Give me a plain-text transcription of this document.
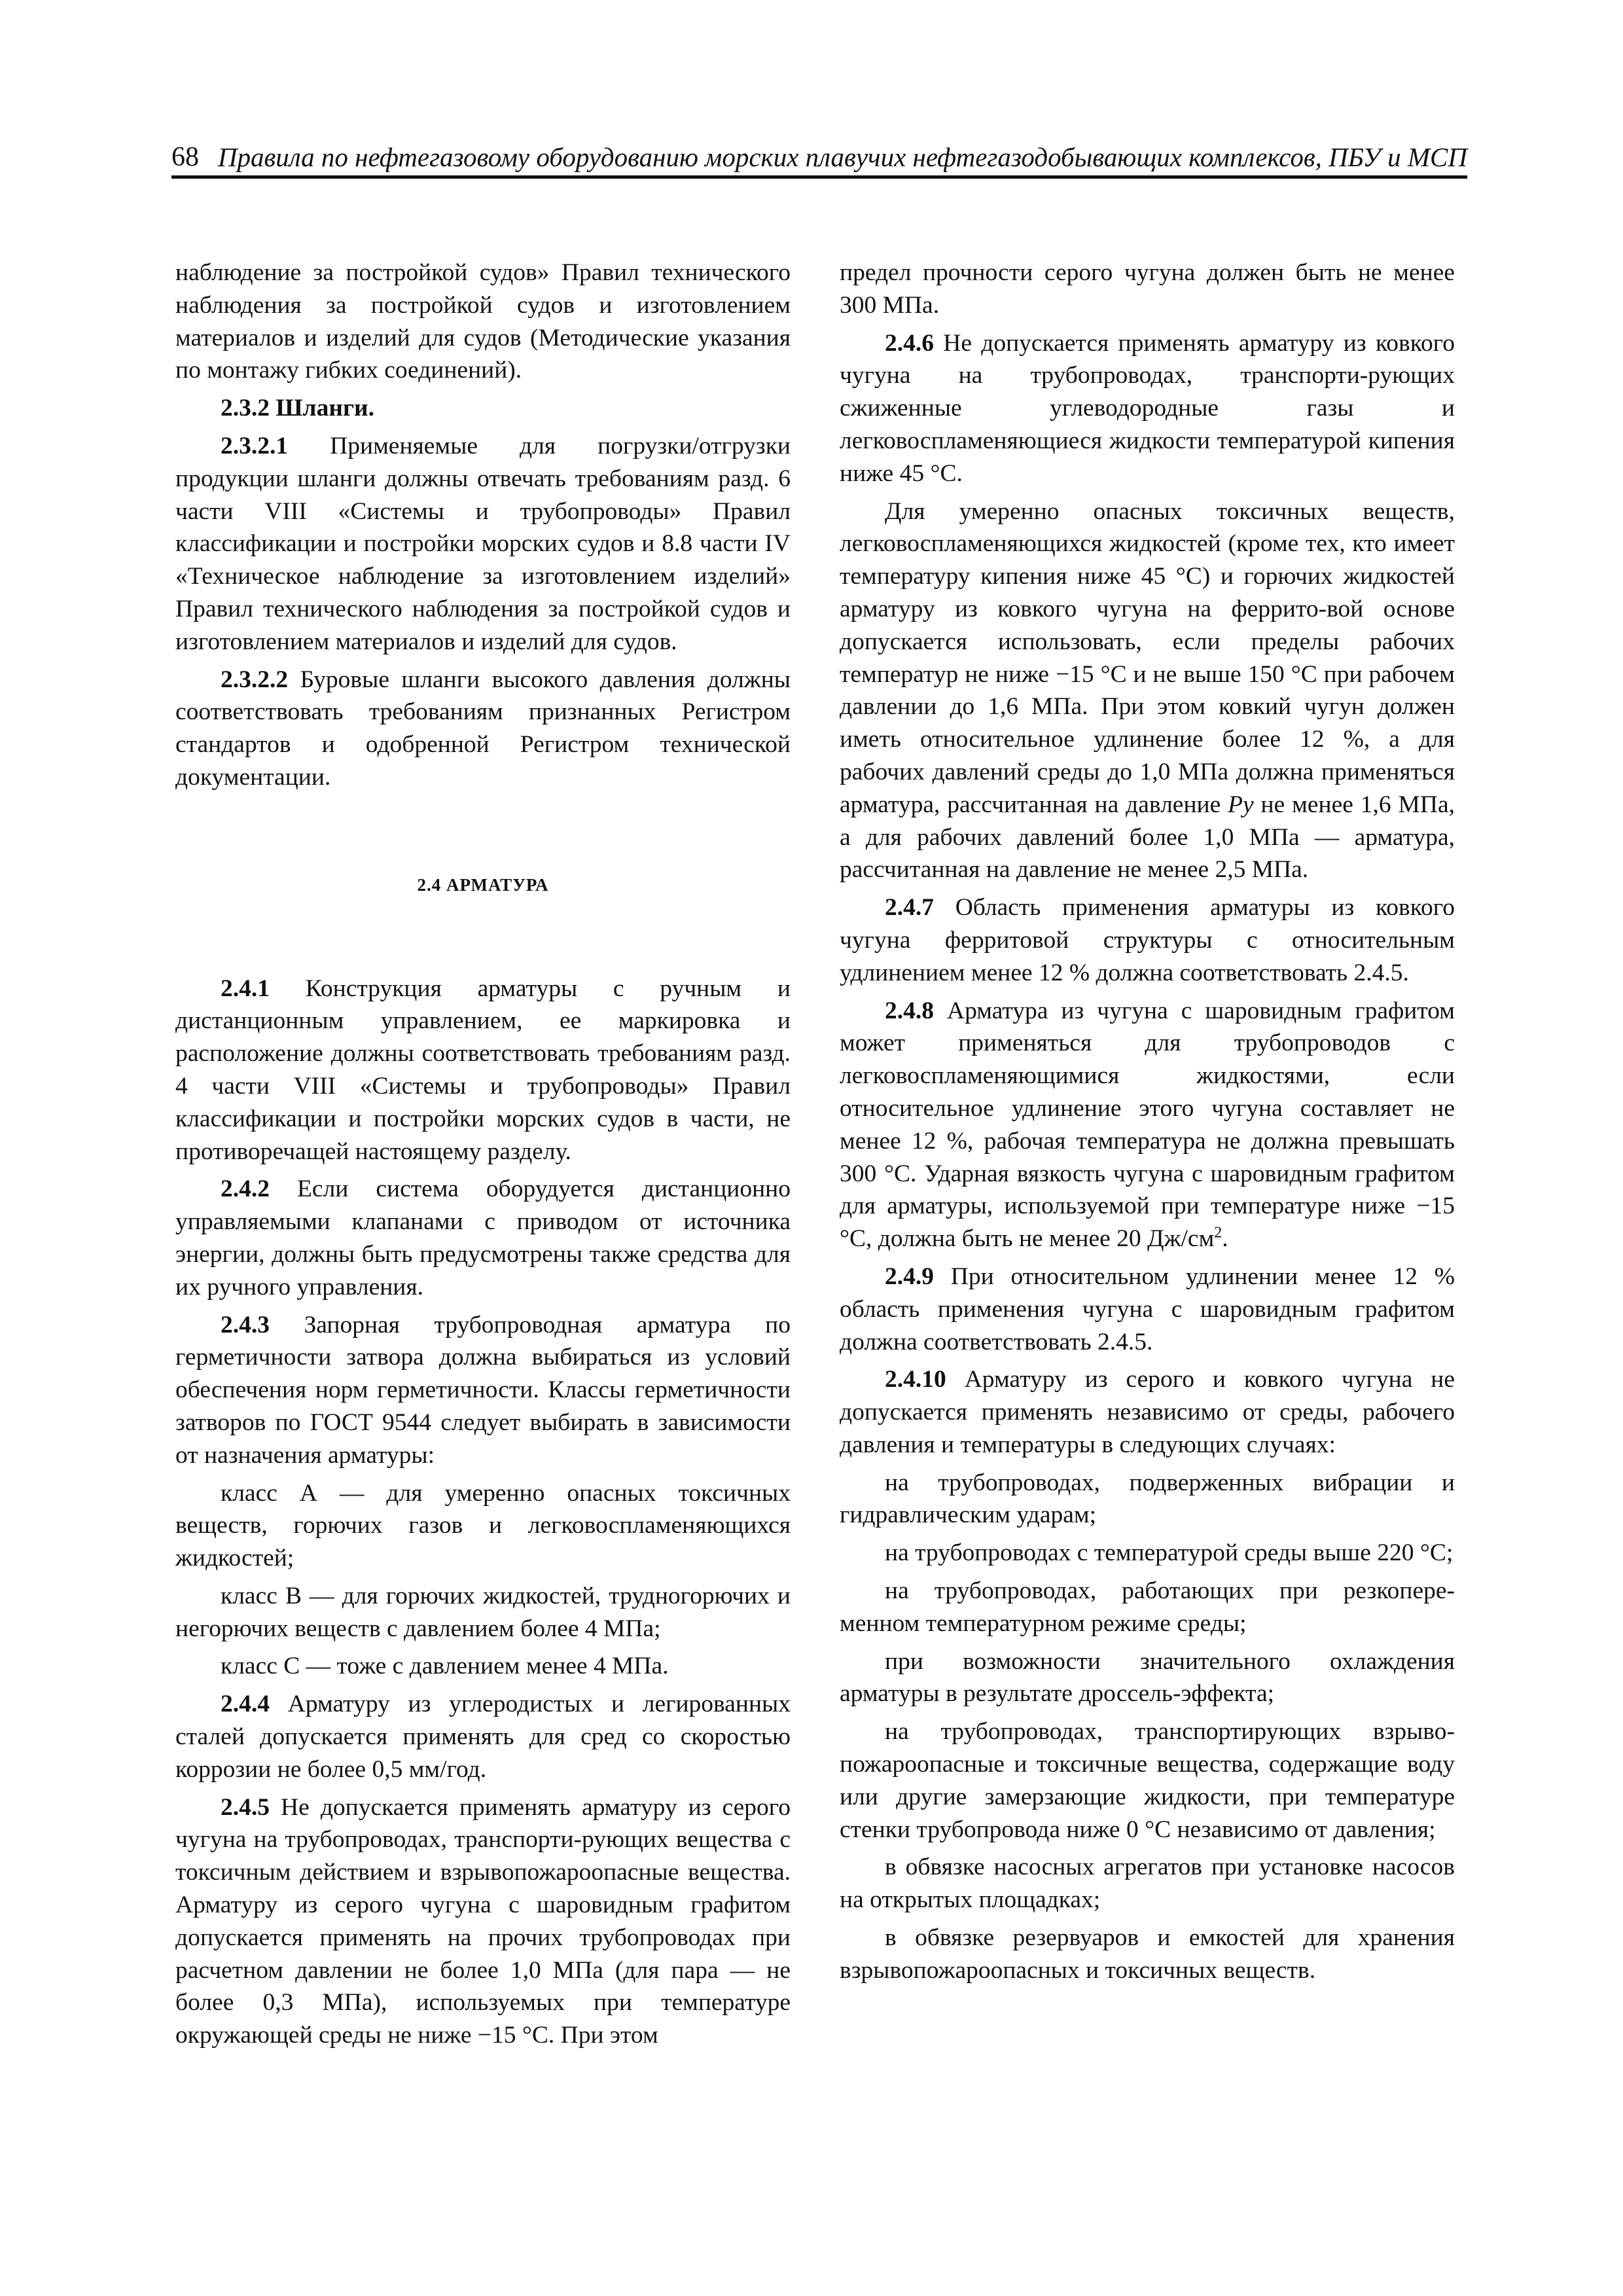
68 Правила по нефтегазовому оборудованию морских плавучих нефтегазодобывающих комплексов, ПБУ и МСП

наблюдение за постройкой судов» Правил технического наблюдения за постройкой судов и изготовлением материалов и изделий для судов (Методические указания по монтажу гибких соединений).

2.3.2 Шланги.

2.3.2.1 Применяемые для погрузки/отгрузки продукции шланги должны отвечать требованиям разд. 6 части VIII «Системы и трубопроводы» Правил классификации и постройки морских судов и 8.8 части IV «Техническое наблюдение за изготовлением изделий» Правил технического наблюдения за постройкой судов и изготовлением материалов и изделий для судов.

2.3.2.2 Буровые шланги высокого давления должны соответствовать требованиям признанных Регистром стандартов и одобренной Регистром технической документации.

2.4 АРМАТУРА

2.4.1 Конструкция арматуры с ручным и дистанционным управлением, ее маркировка и расположение должны соответствовать требованиям разд. 4 части VIII «Системы и трубопроводы» Правил классификации и постройки морских судов в части, не противоречащей настоящему разделу.

2.4.2 Если система оборудуется дистанционно управляемыми клапанами с приводом от источника энергии, должны быть предусмотрены также средства для их ручного управления.

2.4.3 Запорная трубопроводная арматура по герметичности затвора должна выбираться из условий обеспечения норм герметичности. Классы герметичности затворов по ГОСТ 9544 следует выбирать в зависимости от назначения арматуры:

класс А — для умеренно опасных токсичных веществ, горючих газов и легковоспламеняющихся жидкостей;

класс В — для горючих жидкостей, трудногорючих и негорючих веществ с давлением более 4 МПа;

класс С — тоже с давлением менее 4 МПа.

2.4.4 Арматуру из углеродистых и легированных сталей допускается применять для сред со скоростью коррозии не более 0,5 мм/год.

2.4.5 Не допускается применять арматуру из серого чугуна на трубопроводах, транспорти-рующих вещества с токсичным действием и взрывопожароопасные вещества. Арматуру из серого чугуна с шаровидным графитом допускается применять на прочих трубопроводах при расчетном давлении не более 1,0 МПа (для пара — не более 0,3 МПа), используемых при температуре окружающей среды не ниже −15 °С. При этом

предел прочности серого чугуна должен быть не менее 300 МПа.

2.4.6 Не допускается применять арматуру из ковкого чугуна на трубопроводах, транспорти-рующих сжиженные углеводородные газы и легковоспламеняющиеся жидкости температурой кипения ниже 45 °С.

Для умеренно опасных токсичных веществ, легковоспламеняющихся жидкостей (кроме тех, кто имеет температуру кипения ниже 45 °С) и горючих жидкостей арматуру из ковкого чугуна на феррито-вой основе допускается использовать, если пределы рабочих температур не ниже −15 °С и не выше 150 °С при рабочем давлении до 1,6 МПа. При этом ковкий чугун должен иметь относительное удлинение более 12 %, а для рабочих давлений среды до 1,0 МПа должна применяться арматура, рассчитанная на давление Pу не менее 1,6 МПа, а для рабочих давлений более 1,0 МПа — арматура, рассчитанная на давление не менее 2,5 МПа.

2.4.7 Область применения арматуры из ковкого чугуна ферритовой структуры с относительным удлинением менее 12 % должна соответствовать 2.4.5.

2.4.8 Арматура из чугуна с шаровидным графитом может применяться для трубопроводов с легковоспламеняющимися жидкостями, если относительное удлинение этого чугуна составляет не менее 12 %, рабочая температура не должна превышать 300 °С. Ударная вязкость чугуна с шаровидным графитом для арматуры, используемой при температуре ниже −15 °С, должна быть не менее 20 $Дж/см^2$.

2.4.9 При относительном удлинении менее 12 % область применения чугуна с шаровидным графитом должна соответствовать 2.4.5.

2.4.10 Арматуру из серого и ковкого чугуна не допускается применять независимо от среды, рабочего давления и температуры в следующих случаях:

на трубопроводах, подверженных вибрации и гидравлическим ударам;

на трубопроводах с температурой среды выше 220 °С;

на трубопроводах, работающих при резкопере-менном температурном режиме среды;

при возможности значительного охлаждения арматуры в результате дроссель-эффекта;

на трубопроводах, транспортирующих взрыво-пожароопасные и токсичные вещества, содержащие воду или другие замерзающие жидкости, при температуре стенки трубопровода ниже 0 °С независимо от давления;

в обвязке насосных агрегатов при установке насосов на открытых площадках;

в обвязке резервуаров и емкостей для хранения взрывопожароопасных и токсичных веществ.
